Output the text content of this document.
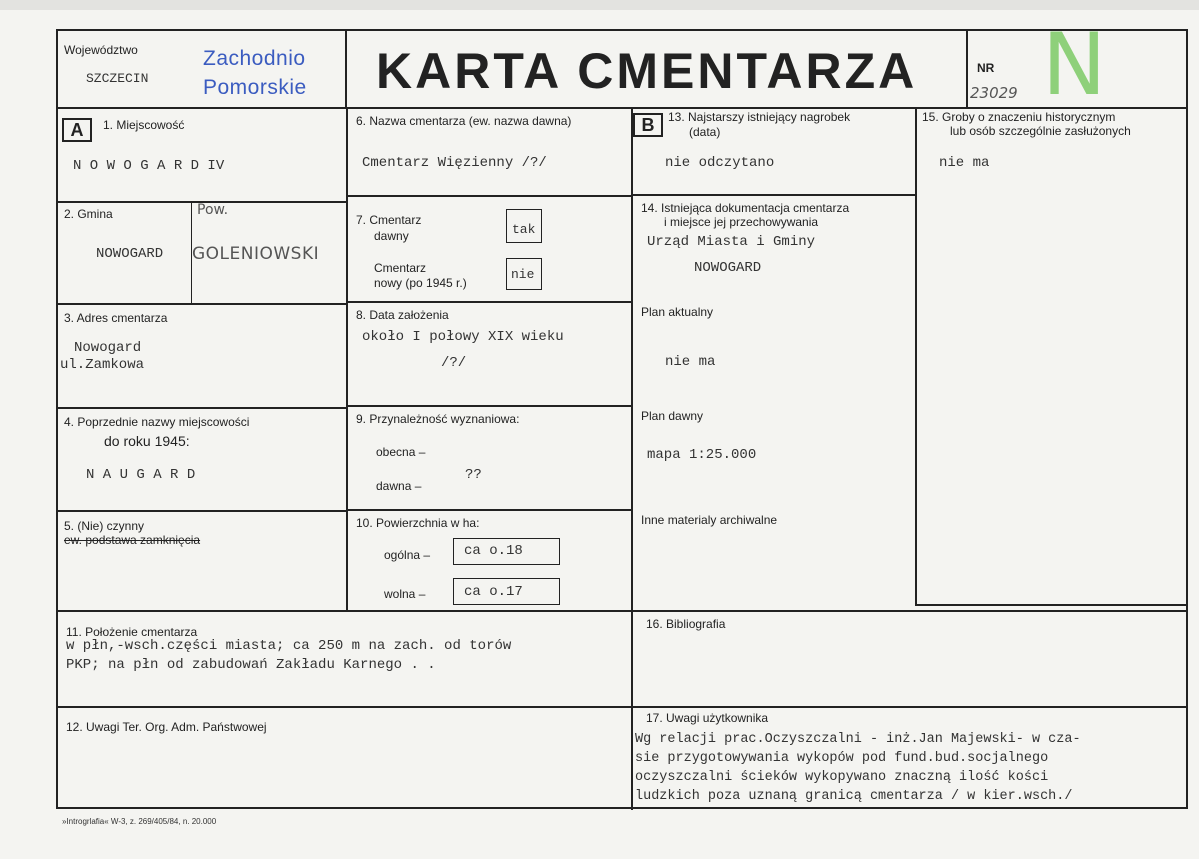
Województwo
SZCZECIN
Zachodnio
Pomorskie KARTA CMENTARZA	NR
23029 N
A	1. Miejscowość
N O W O G A R D IV
2. Gmina	Pow.
NOWOGARD GOLENIOWSKI
3. Adres cmentarza
Nowogard
ul.Zamkowa
4. Poprzednie nazwy miejscowości
do roku 1945:
N A U G A R D
5. (Nie) czynny
ew. podstawa zamknięcia
6. Nazwa cmentarza (ew. nazwa dawna)
Cmentarz Więzienny /?/
7. Cmentarz
dawny	tak
Cmentarz
nowy (po 1945 r.)
nie
8. Data założenia
około I połowy XIX wieku
/?/
9. Przynależność wyznaniowa:
obecna –
dawna –
??
10. Powierzchnia w ha:
ogólna – ca o.18
wolna –	ca o.17
B	13. Najstarszy istniejący nagrobek
(data)
nie odczytano
14. Istniejąca dokumentacja cmentarza
i miejsce jej przechowywania
Urząd Miasta i Gminy
NOWOGARD
Plan aktualny
nie ma
Plan dawny
mapa 1:25.000
Inne materialy archiwalne
15. Groby o znaczeniu historycznym
lub osób szczególnie zasłużonych
nie ma
11. Położenie cmentarza
w płn,-wsch.części miasta; ca 250 m na zach. od torów
PKP; na płn od zabudowań Zakładu Karnego . .
12. Uwagi Ter. Org. Adm. Państwowej
16. Bibliografia
17. Uwagi użytkownika
Wg relacji prac.Oczyszczalni - inż.Jan Majewski- w cza-
sie przygotowywania wykopów pod fund.bud.socjalnego
oczyszczalni ścieków wykopywano znaczną ilość kości
ludzkich poza uznaną granicą cmentarza / w kier.wsch./
»Introgrlafia« W-3, z. 269/405/84, n. 20.000
